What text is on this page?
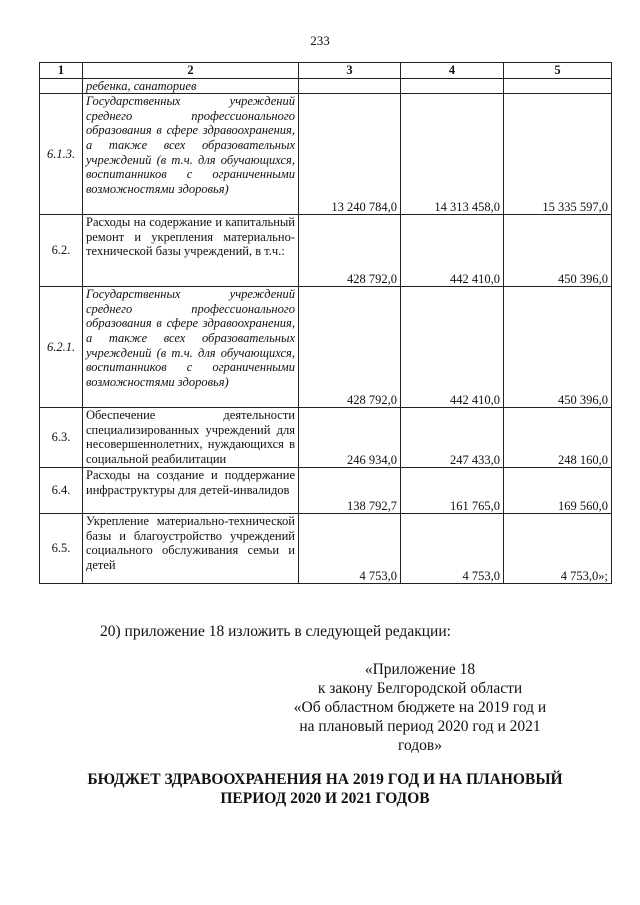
233
1	2	3	4	5
	ребенка, санаториев			
6.1.3.	Государственных учреждений среднего профессионального образования в сфере здравоохранения, а также всех образовательных учреждений (в т.ч. для обучающихся, воспитанников с ограниченными возможностями здоровья)	13 240 784,0	14 313 458,0	15 335 597,0
6.2.	Расходы на содержание и капитальный ремонт и укрепления материально-технической базы учреждений, в т.ч.:	428 792,0	442 410,0	450 396,0
6.2.1.	Государственных учреждений среднего профессионального образования в сфере здравоохранения, а также всех образовательных учреждений (в т.ч. для обучающихся, воспитанников с ограниченными возможностями здоровья)	428 792,0	442 410,0	450 396,0
6.3.	Обеспечение деятельности специализированных учреждений для несовершеннолетних, нуждающихся в социальной реабилитации	246 934,0	247 433,0	248 160,0
6.4.	Расходы на создание и поддержание инфраструктуры для детей-инвалидов	138 792,7	161 765,0	169 560,0
6.5.	Укрепление материально-технической базы и благоустройство учреждений социального обслуживания семьи и детей	4 753,0	4 753,0	4 753,0»;
20) приложение 18 изложить в следующей редакции:
«Приложение 18
к закону Белгородской области
«Об областном бюджете на 2019 год и на плановый период 2020 год и 2021 годов»
БЮДЖЕТ ЗДРАВООХРАНЕНИЯ НА 2019 ГОД И НА ПЛАНОВЫЙ ПЕРИОД 2020 И 2021 ГОДОВ
